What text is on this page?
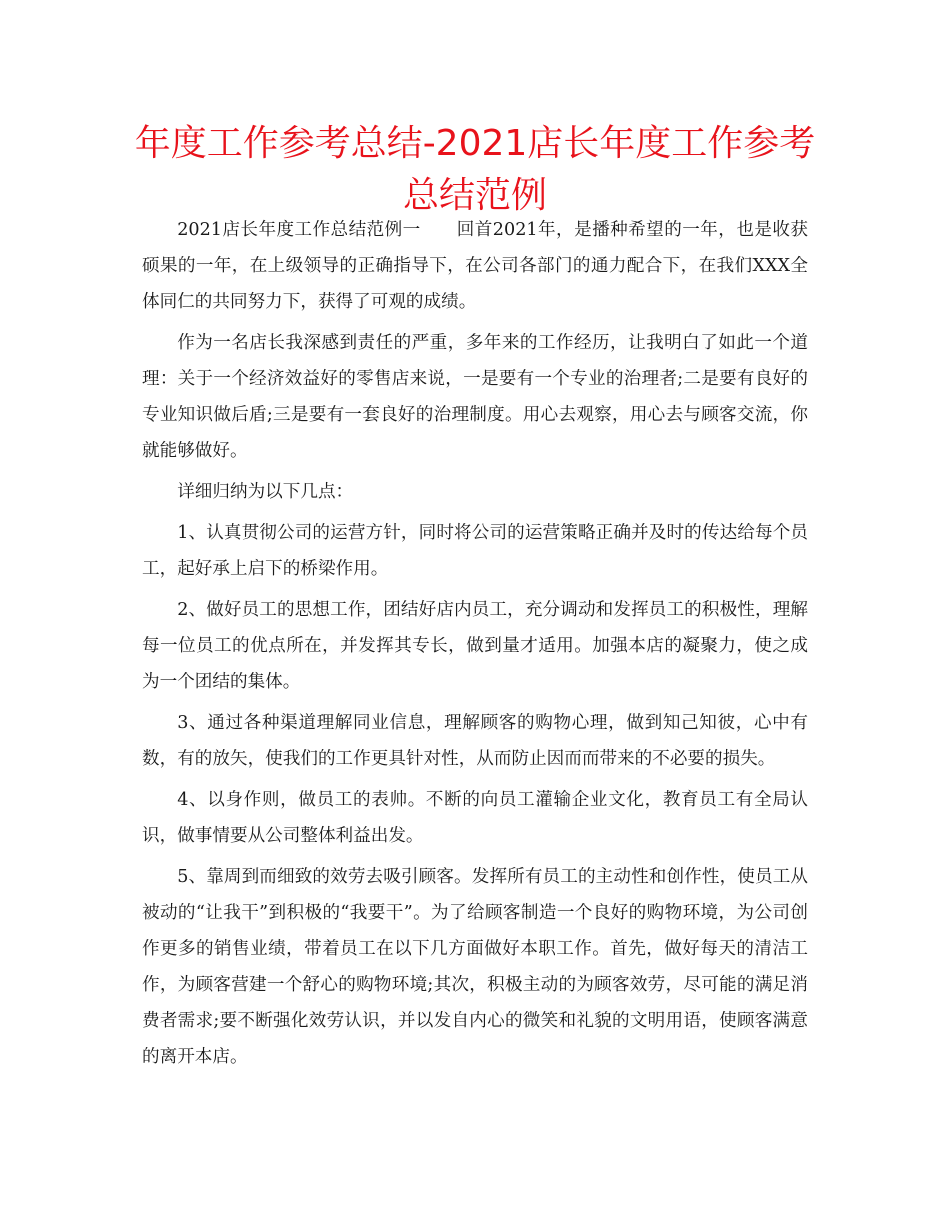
年度工作参考总结-2021店长年度工作参考总结范例

2021店长年度工作总结范例一　　回首2021年，是播种希望的一年，也是收获硕果的一年，在上级领导的正确指导下，在公司各部门的通力配合下，在我们XXX全体同仁的共同努力下，获得了可观的成绩。

作为一名店长我深感到责任的严重，多年来的工作经历，让我明白了如此一个道理：关于一个经济效益好的零售店来说，一是要有一个专业的治理者;二是要有良好的专业知识做后盾;三是要有一套良好的治理制度。用心去观察，用心去与顾客交流，你就能够做好。

详细归纳为以下几点：

1、认真贯彻公司的运营方针，同时将公司的运营策略正确并及时的传达给每个员工，起好承上启下的桥梁作用。

2、做好员工的思想工作，团结好店内员工，充分调动和发挥员工的积极性，理解每一位员工的优点所在，并发挥其专长，做到量才适用。加强本店的凝聚力，使之成为一个团结的集体。

3、通过各种渠道理解同业信息，理解顾客的购物心理，做到知己知彼，心中有数，有的放矢，使我们的工作更具针对性，从而防止因而而带来的不必要的损失。

4、以身作则，做员工的表帅。不断的向员工灌输企业文化，教育员工有全局认识，做事情要从公司整体利益出发。

5、靠周到而细致的效劳去吸引顾客。发挥所有员工的主动性和创作性，使员工从被动的“让我干”到积极的“我要干”。为了给顾客制造一个良好的购物环境，为公司创作更多的销售业绩，带着员工在以下几方面做好本职工作。首先，做好每天的清洁工作，为顾客营建一个舒心的购物环境;其次，积极主动的为顾客效劳，尽可能的满足消费者需求;要不断强化效劳认识，并以发自内心的微笑和礼貌的文明用语，使顾客满意的离开本店。
